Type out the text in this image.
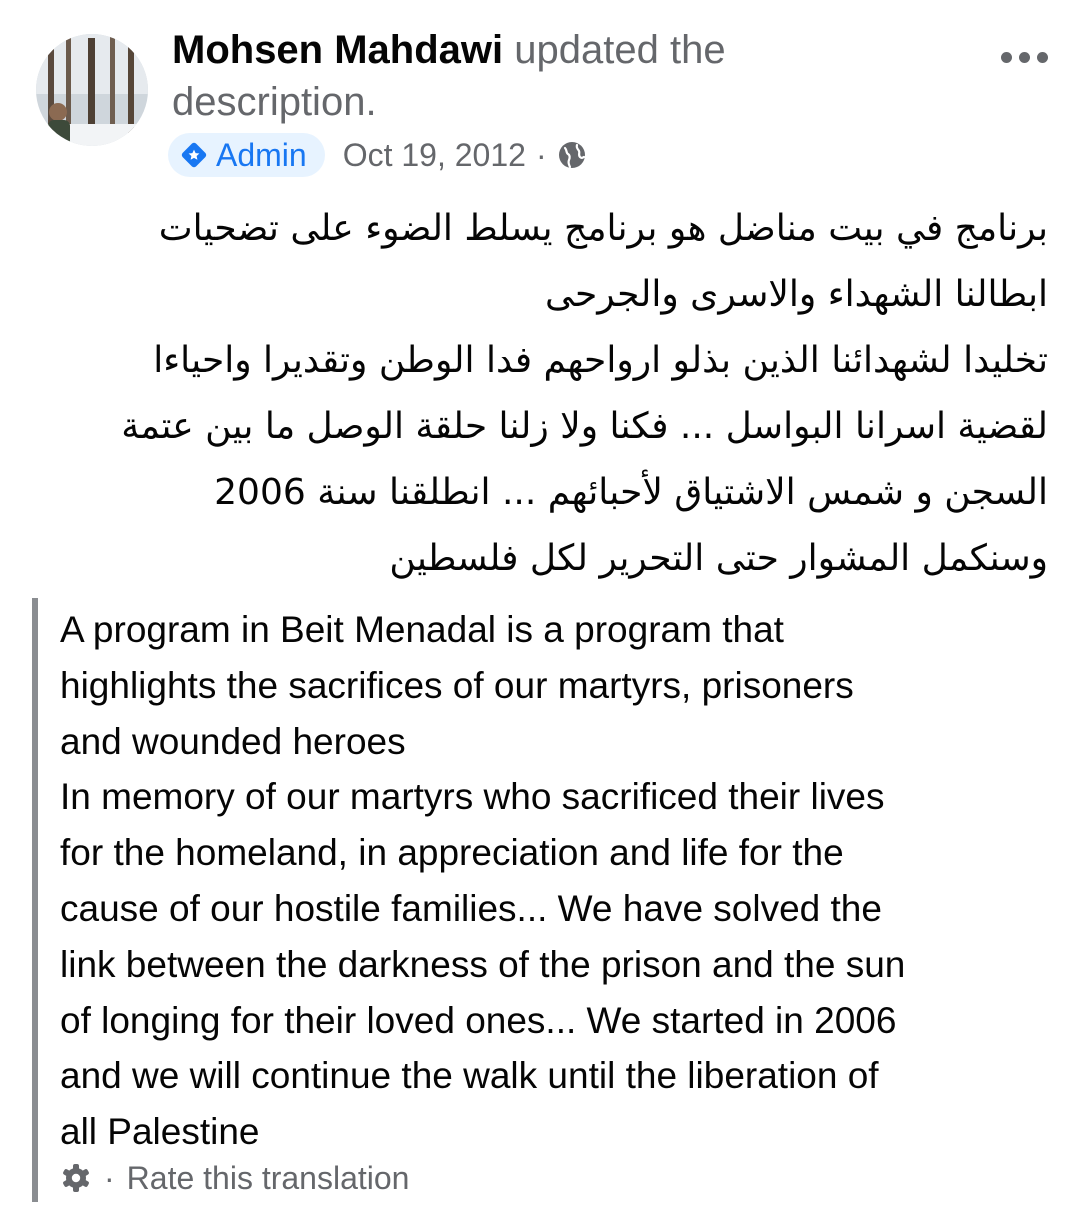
Mohsen Mahdawi updated the description.
Admin Oct 19, 2012 ·
برنامج في بيت مناضل هو برنامج يسلط الضوء على تضحيات
ابطالنا الشهداء والاسرى والجرحى
تخليدا لشهدائنا الذين بذلو ارواحهم فدا الوطن وتقديرا واحياءا
لقضية اسرانا البواسل ... فكنا ولا زلنا حلقة الوصل ما بين عتمة
السجن و شمس الاشتياق لأحبائهم ... انطلقنا سنة 2006
وسنكمل المشوار حتى التحرير لكل فلسطين
A program in Beit Menadal is a program that
highlights the sacrifices of our martyrs, prisoners
and wounded heroes
In memory of our martyrs who sacrificed their lives
for the homeland, in appreciation and life for the
cause of our hostile families... We have solved the
link between the darkness of the prison and the sun
of longing for their loved ones... We started in 2006
and we will continue the walk until the liberation of
all Palestine
· Rate this translation
